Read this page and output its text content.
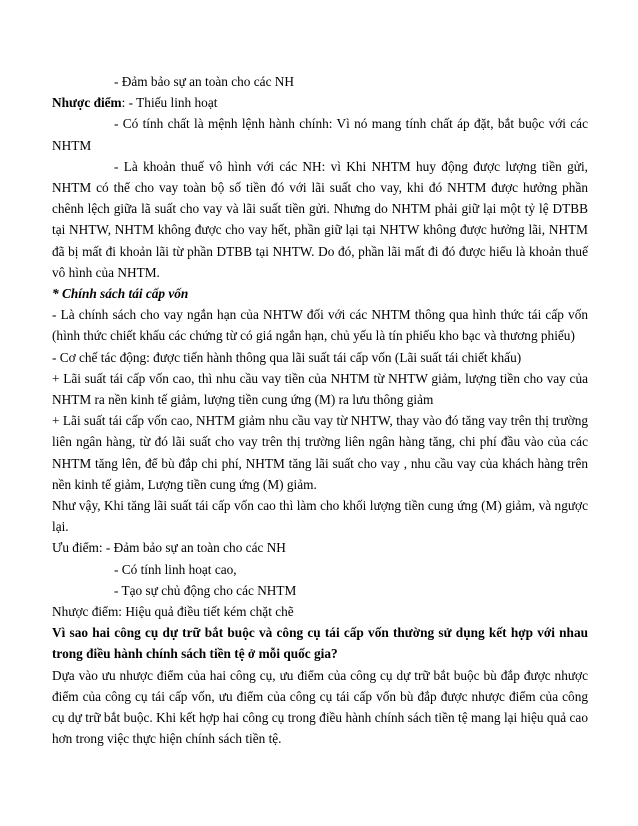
- Đảm bảo sự an toàn cho các NH

Nhược điểm: - Thiếu linh hoạt

- Có tính chất là mệnh lệnh hành chính: Vì nó mang tính chất áp đặt, bắt buộc với các NHTM

- Là khoản thuế vô hình với các NH: vì Khi NHTM huy động được lượng tiền gửi, NHTM có thể cho vay toàn bộ số tiền đó với lãi suất cho vay, khi đó NHTM được hưởng phần chênh lệch giữa lã suất cho vay và lãi suất tiền gửi. Nhưng do NHTM phải giữ lại một tỷ lệ DTBB tại NHTW, NHTM không được cho vay hết, phần giữ lại tại NHTW không được hưởng lãi, NHTM đã bị mất đi khoản lãi từ phần DTBB tại NHTW. Do đó, phần lãi mất đi đó được hiểu là khoản thuế vô hình của NHTM.

* Chính sách tái cấp vốn

- Là chính sách cho vay ngắn hạn của NHTW đối với các NHTM thông qua hình thức tái cấp vốn (hình thức chiết khấu các chứng từ có giá ngắn hạn, chủ yếu là tín phiếu kho bạc và thương phiếu)

- Cơ chế tác động: được tiến hành thông qua lãi suất tái cấp vốn (Lãi suất tái chiết khấu)

+ Lãi suất tái cấp vốn cao, thì nhu cầu vay tiền của NHTM từ NHTW giảm, lượng tiền cho vay của NHTM ra nền kinh tế giảm, lượng tiền cung ứng (M) ra lưu thông giảm

+ Lãi suất tái cấp vốn cao, NHTM giảm nhu cầu vay từ NHTW, thay vào đó tăng vay trên thị trường liên ngân hàng, từ đó lãi suất cho vay trên thị trường liên ngân hàng tăng, chi phí đầu vào của các NHTM tăng lên, để bù đắp chi phí, NHTM tăng lãi suất cho vay , nhu cầu vay của khách hàng trên nền kinh tế giảm, Lượng tiền cung ứng (M) giảm.

Như vậy, Khi tăng lãi suất tái cấp vốn cao thì làm cho khối lượng tiền cung ứng (M) giảm, và ngược lại.

Ưu điểm: - Đảm bảo sự an toàn cho các NH

- Có tính linh hoạt cao,

- Tạo sự chủ động cho các NHTM

Nhược điểm: Hiệu quả điều tiết kém chặt chẽ

Vì sao hai công cụ dự trữ bắt buộc và công cụ tái cấp vốn thường sử dụng kết hợp với nhau trong điều hành chính sách tiền tệ ở mỗi quốc gia?

Dựa vào ưu nhược điểm của hai công cụ, ưu điểm của công cụ dự trữ bắt buộc bù đắp được nhược điểm của công cụ tái cấp vốn, ưu điểm của công cụ tái cấp vốn bù đắp được nhược điểm của công cụ dự trữ bắt buộc. Khi kết hợp hai công cụ trong điều hành chính sách tiền tệ mang lại hiệu quả cao hơn trong việc thực hiện chính sách tiền tệ.
